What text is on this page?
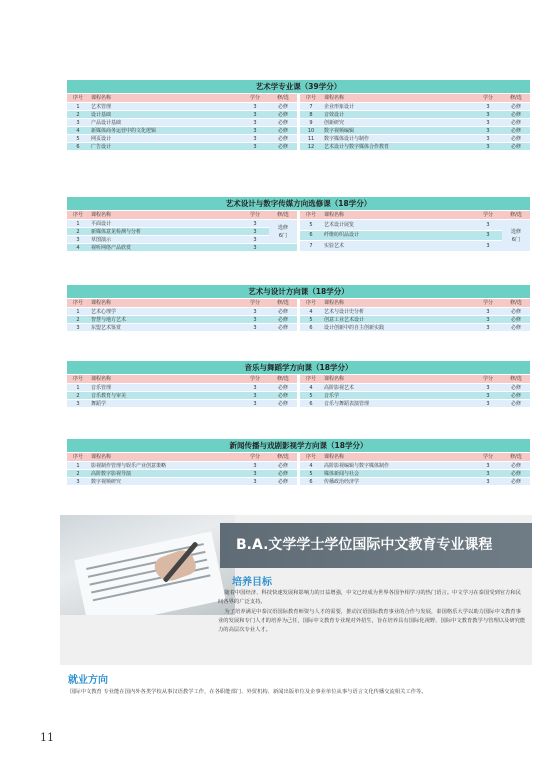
艺术学专业课（39学分）
序号	课程名称	学分	修/选
1	艺术管理	3	必修
2	设计基础	3	必修
3	产品设计基础	3	必修
4	新媒体商务运营中的文化逻辑	3	必修
5	网页设计	3	必修
6	广告设计	3	必修
序号	课程名称	学分	修/选
7	企业形象设计	3	必修
8	音效设计	3	必修
9	创新研究	3	必修
10	数字视频编辑	3	必修
11	数字媒体设计与制作	3	必修
12	艺术设计与数字媒体合作教育	3	必修
艺术设计与数字传媒方向选修课（18学分）
序号	课程名称	学分	修/选
1	平面设计	3	选修
6门
2	新媒体意见检测与分析	3	
3	草图演示	3	
4	视听网络产品欣赏	3	
序号	课程名称	学分	修/选
5	艺术设计展览	3	选修
6门
6	纤维纺织品设计	3	
7	实验艺术	3	
艺术与设计方向课（18学分）
序号	课程名称	学分	修/选
1	艺术心理学	3	必修
2	智慧与地方艺术	3	必修
3	东盟艺术鉴赏	3	必修
序号	课程名称	学分	修/选
4	艺术与设计史分析	3	必修
5	创意工业艺术设计	3	必修
6	设计创新中的自主创新实践	3	必修
音乐与舞蹈学方向课（18学分）
序号	课程名称	学分	修/选
1	音乐管理	3	必修
2	音乐教育与审美	3	必修
3	舞蹈学	3	必修
序号	课程名称	学分	修/选
4	高阶影视艺术	3	必修
5	音乐学	3	必修
6	音乐与舞蹈表演管理	3	必修
新闻传播与戏剧影视学方向课（18学分）
序号	课程名称	学分	修/选
1	影视制作管理与娱乐产业创意策略	3	必修
2	高阶数字影视导演	3	必修
3	数字视频研究	3	必修
序号	课程名称	学分	修/选
4	高阶影视编辑与数字媒体制作	3	必修
5	媒体新闻与社会	3	必修
6	传播政治经济学	3	必修
B.A.文学学士学位国际中文教育专业课程
培养目标

随着中国经济、科技快速发展和影响力的日益增强，中文已经成为世界各国争相学习的热门语言。中文学习在泰国受到官方和民间各界的广泛支持。

为了培养满足中泰汉语国际教育师资与人才的需要，推动汉语国际教育事业的合作与发展，泰国格乐大学以助力国际中文教育事业的发展和专门人才的培养为己任，国际中文教育专业现对外招生，旨在培养具有国际化视野、国际中文教育教学与管理以及研究能力的高层次专业人才。

就业方向
国际中文教育 专业能在国内外各类学校从事汉语教学工作，在各职能部门、外贸机构、新闻出版单位及企事业单位从事与语言文化传播交流相关工作等。
11
